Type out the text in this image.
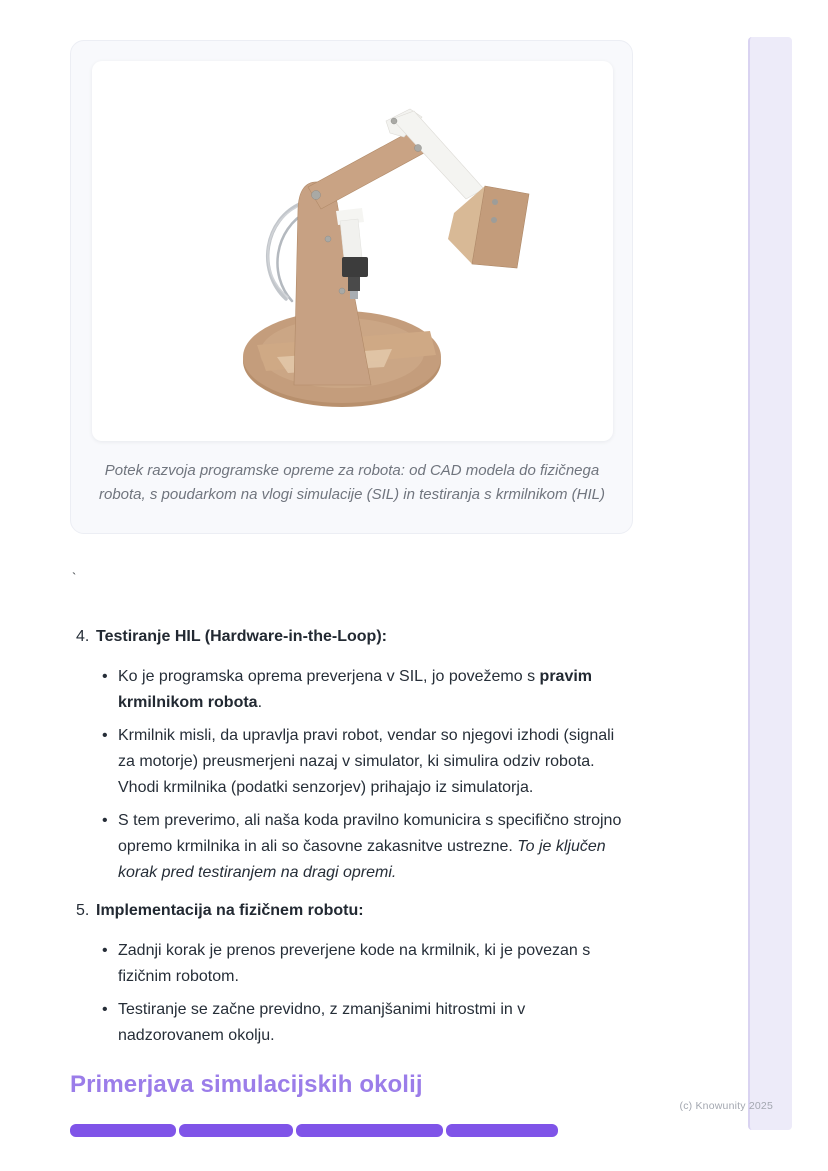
(c) Knowunity 2025
Potek razvoja programske opreme za robota: od CAD modela do fizičnega robota, s poudarkom na vlogi simulacije (SIL) in testiranja s krmilnikom (HIL)

`

4. Testiranje HIL (Hardware-in-the-Loop):
• Ko je programska oprema preverjena v SIL, jo povežemo s pravim krmilnikom robota.
• Krmilnik misli, da upravlja pravi robot, vendar so njegovi izhodi (signali za motorje) preusmerjeni nazaj v simulator, ki simulira odziv robota. Vhodi krmilnika (podatki senzorjev) prihajajo iz simulatorja.
• S tem preverimo, ali naša koda pravilno komunicira s specifično strojno opremo krmilnika in ali so časovne zakasnitve ustrezne. To je ključen korak pred testiranjem na dragi opremi.
5. Implementacija na fizičnem robotu:
• Zadnji korak je prenos preverjene kode na krmilnik, ki je povezan s fizičnim robotom.
• Testiranje se začne previdno, z zmanjšanimi hitrostmi in v nadzorovanem okolju.
Primerjava simulacijskih okolij
